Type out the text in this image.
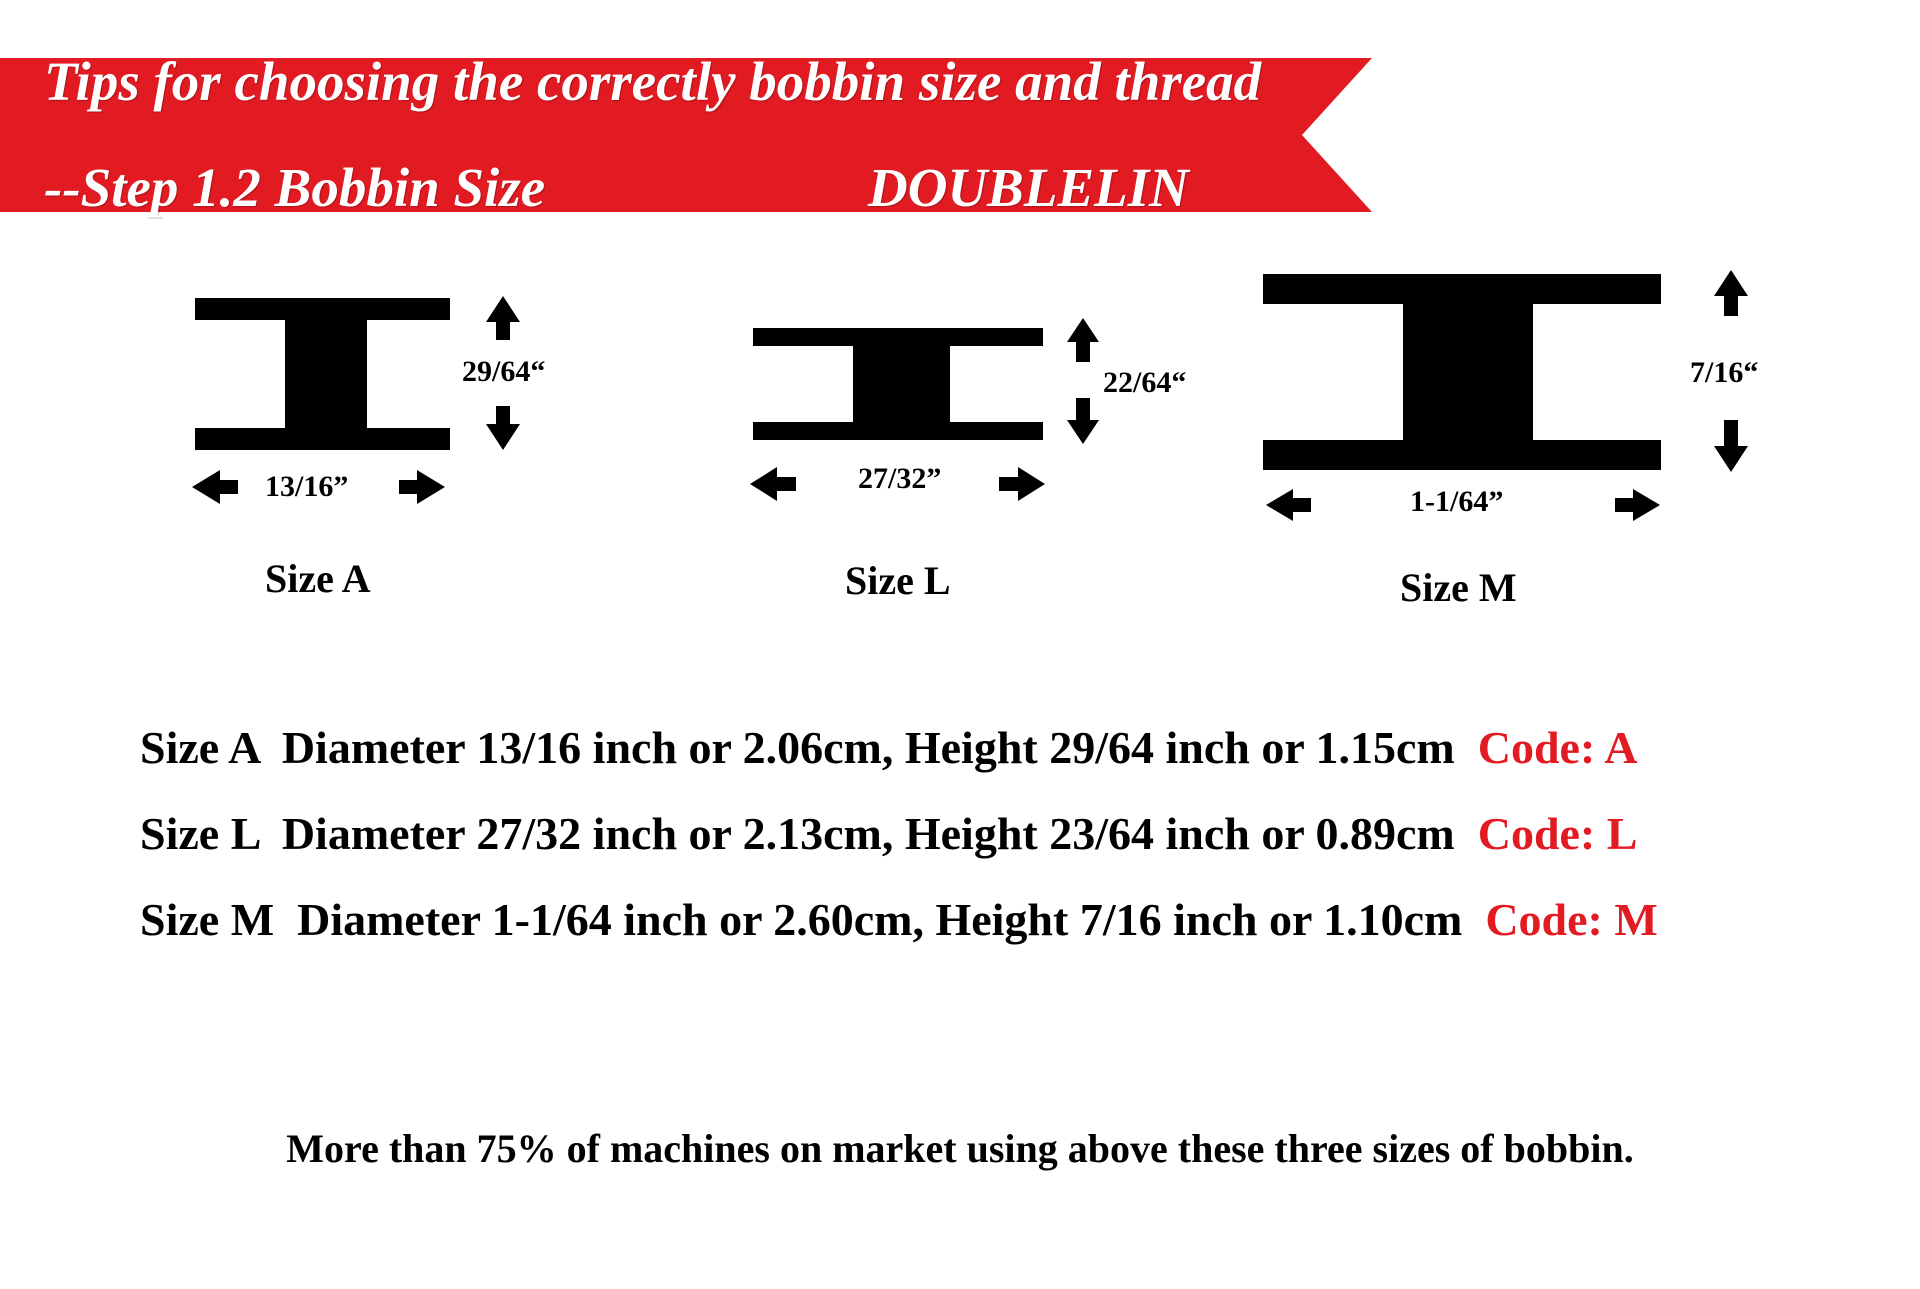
Tips for choosing the correctly bobbin size and thread

--Step 1.2 Bobbin Size	DOUBLELIN

29/64“
13/16”
Size A
22/64“
27/32”
Size L
7/16“
1-1/64”
Size M
Size A  Diameter 13/16 inch or 2.06cm, Height 29/64 inch or 1.15cm  Code: A
Size L  Diameter 27/32 inch or 2.13cm, Height 23/64 inch or 0.89cm  Code: L
Size M  Diameter 1-1/64 inch or 2.60cm, Height 7/16 inch or 1.10cm  Code: M

More than 75% of machines on market using above these three sizes of bobbin.
